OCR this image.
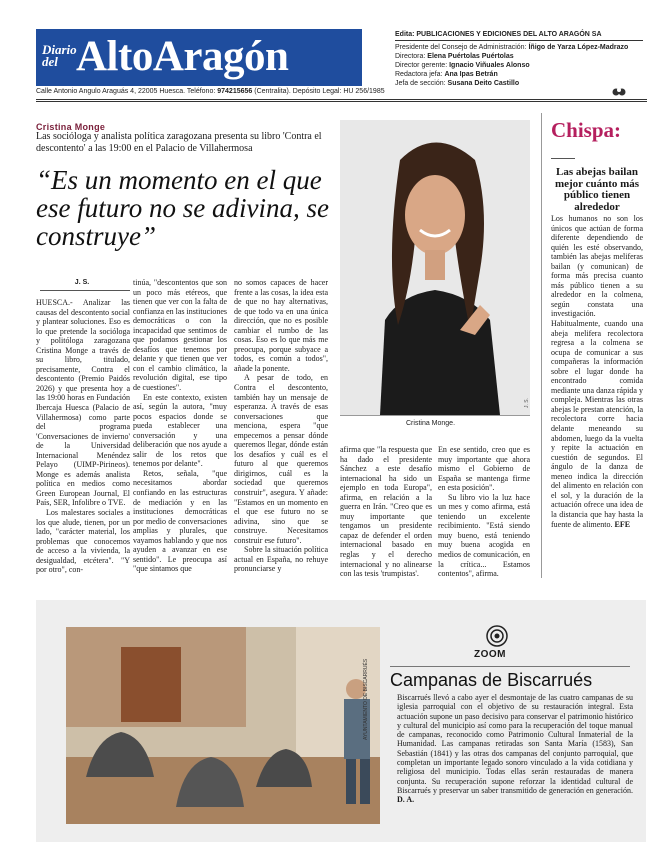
Diario
del AltoAragón	Edita: PUBLICACIONES Y EDICIONES DEL ALTO ARAGÓN SA
Presidente del Consejo de Administración: Íñigo de Yarza López-Madrazo
Directora: Elena Puértolas Puértolas
Director gerente: Ignacio Viñuales Alonso
Redactora jefa: Ana Ipas Betrán
Jefa de sección: Susana Deito Castillo
Calle Antonio Angulo Araguás 4, 22005 Huesca. Teléfono: 974215656 (Centralita). Depósito Legal: HU 256/1985
Cristina Monge
Las socióloga y analista política zaragozana presenta su libro 'Contra el descontento' a las 19:00 en el Palacio de Villahermosa
“Es un momento en el que ese futuro no se adivina, se construye”
J. S.
Cristina Monge.
J. S.

HUESCA.- Analizar las causas del descontento social y plantear soluciones. Eso es lo que pretende la socióloga y politóloga zaragozana Cristina Monge a través de su libro, titulado, precisamente, Contra el descontento (Premio Paidós 2026) y que presenta hoy a las 19:00 horas en Fundación Ibercaja Huesca (Palacio de Villahermosa) como parte del programa 'Conversaciones de invierno' de la Universidad Internacional Menéndez Pelayo (UIMP-Pirineos). Monge es además analista política en medios como Green European Journal, El País, SER, Infolibre o TVE.

Los malestares sociales a los que alude, tienen, por un lado, "carácter material, los problemas que conocemos de acceso a la vivienda, la desigualdad, etcétera". "Y por otro", con-

tinúa, "descontentos que son un poco más etéreos, que tienen que ver con la falta de confianza en las instituciones democráticas o con la incapacidad que sentimos de que podamos gestionar los desafíos que tenemos por delante y que tienen que ver con el cambio climático, la revolución digital, ese tipo de cuestiones".

En este contexto, existen así, según la autora, "muy pocos espacios donde se pueda establecer una conversación y una deliberación que nos ayude a salir de los retos que tenemos por delante".

Retos, señala, "que necesitamos abordar confiando en las estructuras de mediación y en las instituciones democráticas por medio de conversaciones amplias y plurales, que vayamos hablando y que nos ayuden a avanzar en ese sentido". Le preocupa así "que sintamos que

no somos capaces de hacer frente a las cosas, la idea esta de que no hay alternativas, de que todo va en una única dirección, que no es posible cambiar el rumbo de las cosas. Eso es lo que más me preocupa, porque subyace a todos, es común a todos", añade la ponente.

A pesar de todo, en Contra el descontento, también hay un mensaje de esperanza. A través de esas conversaciones que menciona, espera "que empecemos a pensar dónde queremos llegar, dónde están los desafíos y cuál es el futuro al que queremos dirigirnos, cuál es la sociedad que queremos construir", asegura. Y añade: "Estamos en un momento en el que ese futuro no se adivina, sino que se construye. Necesitamos construir ese futuro".

Sobre la situación política actual en España, no rehuye pronunciarse y

afirma que "la respuesta que ha dado el presidente Sánchez a este desafío internacional ha sido un ejemplo en toda Europa", afirma, en relación a la guerra en Irán. "Creo que es muy importante que tengamos un presidente capaz de defender el orden internacional basado en reglas y el derecho internacional y no alinearse con las tesis 'trumpistas'.

En ese sentido, creo que es muy importante que ahora mismo el Gobierno de España se mantenga firme en esta posición".

Su libro vio la luz hace un mes y como afirma, está teniendo un excelente recibimiento. "Está siendo muy bueno, está teniendo muy buena acogida en medios de comunicación, en la crítica... Estamos contentos", afirma.

Chispa:
Las abejas bailan mejor cuánto más público tienen alrededor
Los humanos no son los únicos que actúan de forma diferente dependiendo de quién les esté observando, también las abejas meliferas bailan (y comunican) de forma más precisa cuanto más público tienen a su alrededor en la colmena, según constata una investigación. Habitualmente, cuando una abeja melifera recolectora regresa a la colmena se ocupa de comunicar a sus compañeras la información sobre el lugar donde ha encontrado comida mediante una danza rápida y compleja. Mientras las otras abejas le prestan atención, la recolectora corre hacia delante meneando su abdomen, luego da la vuelta y repite la actuación en cuestión de segundos. El ángulo de la danza de meneo indica la dirección del alimento en relación con el sol, y la duración de la actuación ofrece una idea de la distancia que hay hasta la fuente de alimento. EFE
AYUNTAMIENTO DE BISCARRUÉS
ZOOM
Campanas de Biscarrués
Biscarrués llevó a cabo ayer el desmontaje de las cuatro campanas de su iglesia parroquial con el objetivo de su restauración integral. Esta actuación supone un paso decisivo para conservar el patrimonio histórico y cultural del municipio así como para la recuperación del toque manual de campanas, reconocido como Patrimonio Cultural Inmaterial de la Humanidad. Las campanas retiradas son Santa María (1583), San Sebastián (1841) y las otras dos campanas del conjunto parroquial, que completan un importante legado sonoro vinculado a la vida cotidiana y religiosa del municipio. Todas ellas serán restauradas de manera conjunta. Su recuperación supone reforzar la identidad cultural de Biscarrués y preservar un saber transmitido de generación en generación. D. A.
